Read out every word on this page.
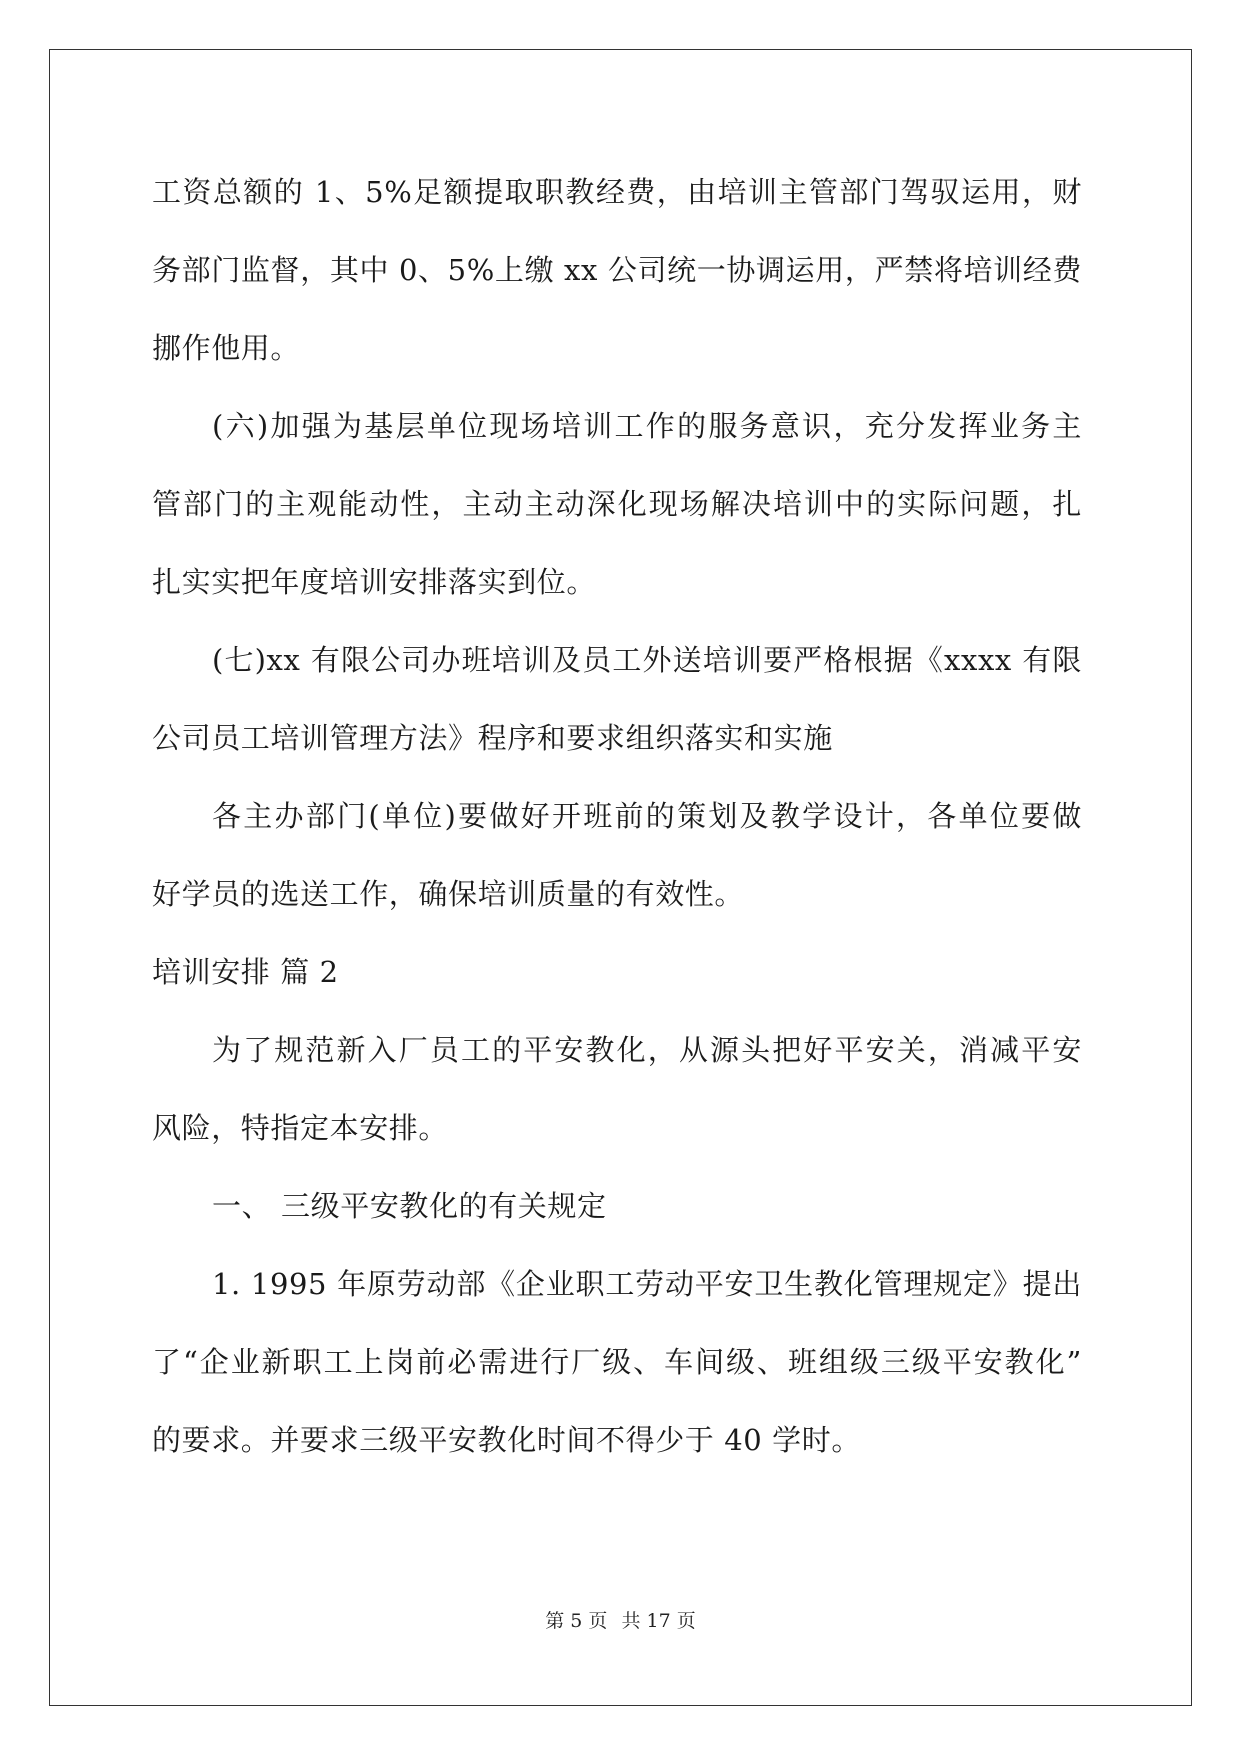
工资总额的 1、5%足额提取职教经费，由培训主管部门驾驭运用，财
务部门监督，其中 0、5%上缴 xx 公司统一协调运用，严禁将培训经费
挪作他用。
(六)加强为基层单位现场培训工作的服务意识，充分发挥业务主
管部门的主观能动性，主动主动深化现场解决培训中的实际问题，扎
扎实实把年度培训安排落实到位。
(七)xx 有限公司办班培训及员工外送培训要严格根据《xxxx 有限
公司员工培训管理方法》程序和要求组织落实和实施
各主办部门(单位)要做好开班前的策划及教学设计，各单位要做
好学员的选送工作，确保培训质量的有效性。
培训安排 篇 2
为了规范新入厂员工的平安教化，从源头把好平安关，消减平安
风险，特指定本安排。
一、 三级平安教化的有关规定
1. 1995 年原劳动部《企业职工劳动平安卫生教化管理规定》提出
了“企业新职工上岗前必需进行厂级、车间级、班组级三级平安教化”
的要求。并要求三级平安教化时间不得少于 40 学时。
第 5 页 共 17 页
